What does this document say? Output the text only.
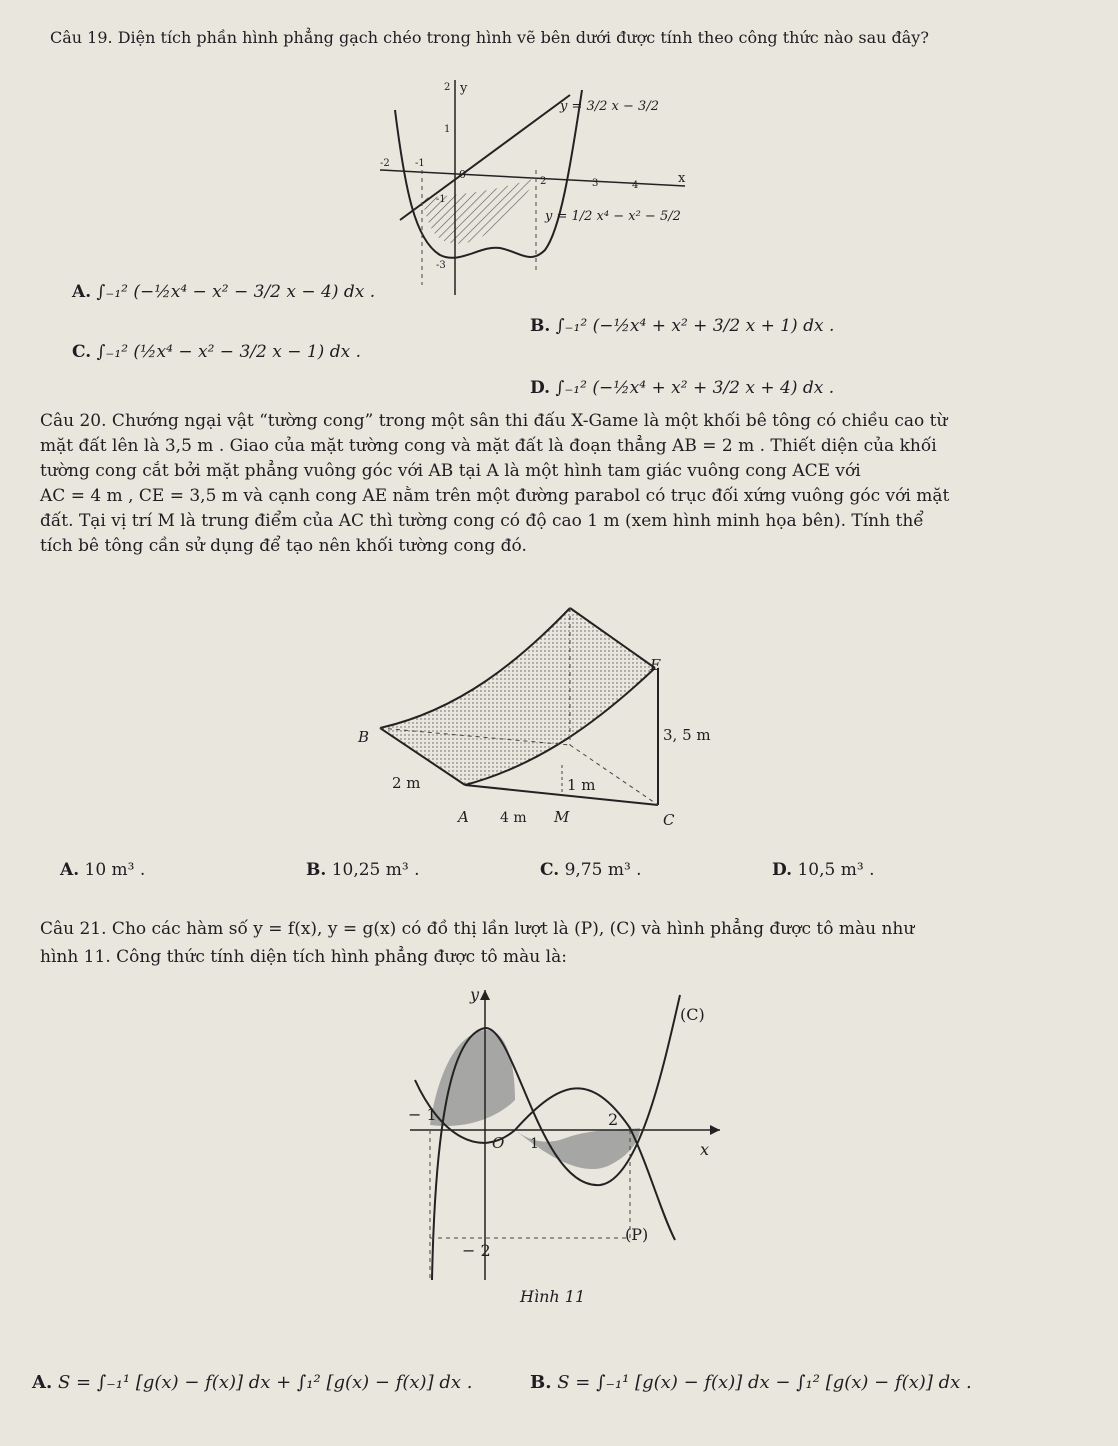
Câu 19. Diện tích phần hình phẳng gạch chéo trong hình vẽ bên dưới được tính theo công thức nào sau đây?
y
x
0
-2	-1
2	3	4
1
-1
-3
2
y = 3/2 x − 3/2
y = 1/2 x⁴ − x² − 5/2
A. ∫₋₁² (−½x⁴ − x² − 3/2 x − 4) dx .
B. ∫₋₁² (−½x⁴ + x² + 3/2 x + 1) dx .
C. ∫₋₁² (½x⁴ − x² − 3/2 x − 1) dx .
D. ∫₋₁² (−½x⁴ + x² + 3/2 x + 4) dx .
Câu 20. Chướng ngại vật “tường cong” trong một sân thi đấu X-Game là một khối bê tông có chiều cao từ
mặt đất lên là 3,5 m . Giao của mặt tường cong và mặt đất là đoạn thẳng AB = 2 m . Thiết diện của khối
tường cong cắt bởi mặt phẳng vuông góc với AB tại A là một hình tam giác vuông cong ACE với
AC = 4 m , CE = 3,5 m và cạnh cong AE nằm trên một đường parabol có trục đối xứng vuông góc với mặt
đất. Tại vị trí M là trung điểm của AC thì tường cong có độ cao 1 m (xem hình minh họa bên). Tính thể
tích bê tông cần sử dụng để tạo nên khối tường cong đó.
E
B
A	M	C
3, 5 m
2 m	1 m
4 m
A. 10 m³ .	B. 10,25 m³ .	C. 9,75 m³ .	D. 10,5 m³ .
Câu 21. Cho các hàm số y = f(x), y = g(x) có đồ thị lần lượt là (P), (C) và hình phẳng được tô màu như
hình 11. Công thức tính diện tích hình phẳng được tô màu là:
y
x
(C)
(P)
− 1	2
O 1
− 2
Hình 11
A. S = ∫₋₁¹ [g(x) − f(x)] dx + ∫₁² [g(x) − f(x)] dx .	B. S = ∫₋₁¹ [g(x) − f(x)] dx − ∫₁² [g(x) − f(x)] dx .
